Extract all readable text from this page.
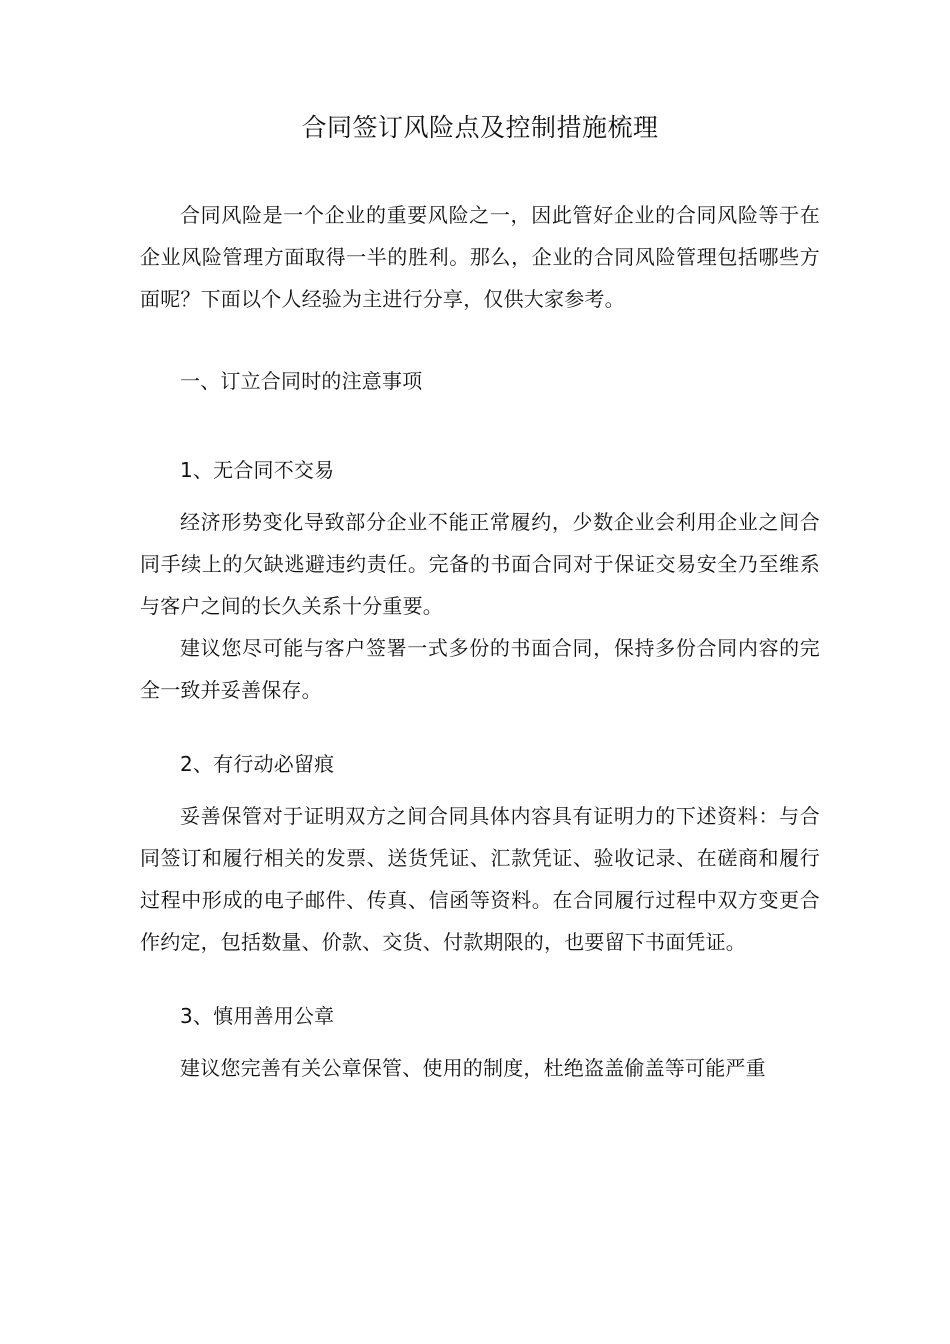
合同签订风险点及控制措施梳理

合同风险是一个企业的重要风险之一，因此管好企业的合同风险等于在企业风险管理方面取得一半的胜利。那么，企业的合同风险管理包括哪些方面呢？下面以个人经验为主进行分享，仅供大家参考。

一、订立合同时的注意事项

1、无合同不交易

经济形势变化导致部分企业不能正常履约，少数企业会利用企业之间合同手续上的欠缺逃避违约责任。完备的书面合同对于保证交易安全乃至维系与客户之间的长久关系十分重要。

建议您尽可能与客户签署一式多份的书面合同，保持多份合同内容的完全一致并妥善保存。

2、有行动必留痕

妥善保管对于证明双方之间合同具体内容具有证明力的下述资料：与合同签订和履行相关的发票、送货凭证、汇款凭证、验收记录、在磋商和履行过程中形成的电子邮件、传真、信函等资料。在合同履行过程中双方变更合作约定，包括数量、价款、交货、付款期限的，也要留下书面凭证。

3、慎用善用公章

建议您完善有关公章保管、使用的制度，杜绝盗盖偷盖等可能严重
